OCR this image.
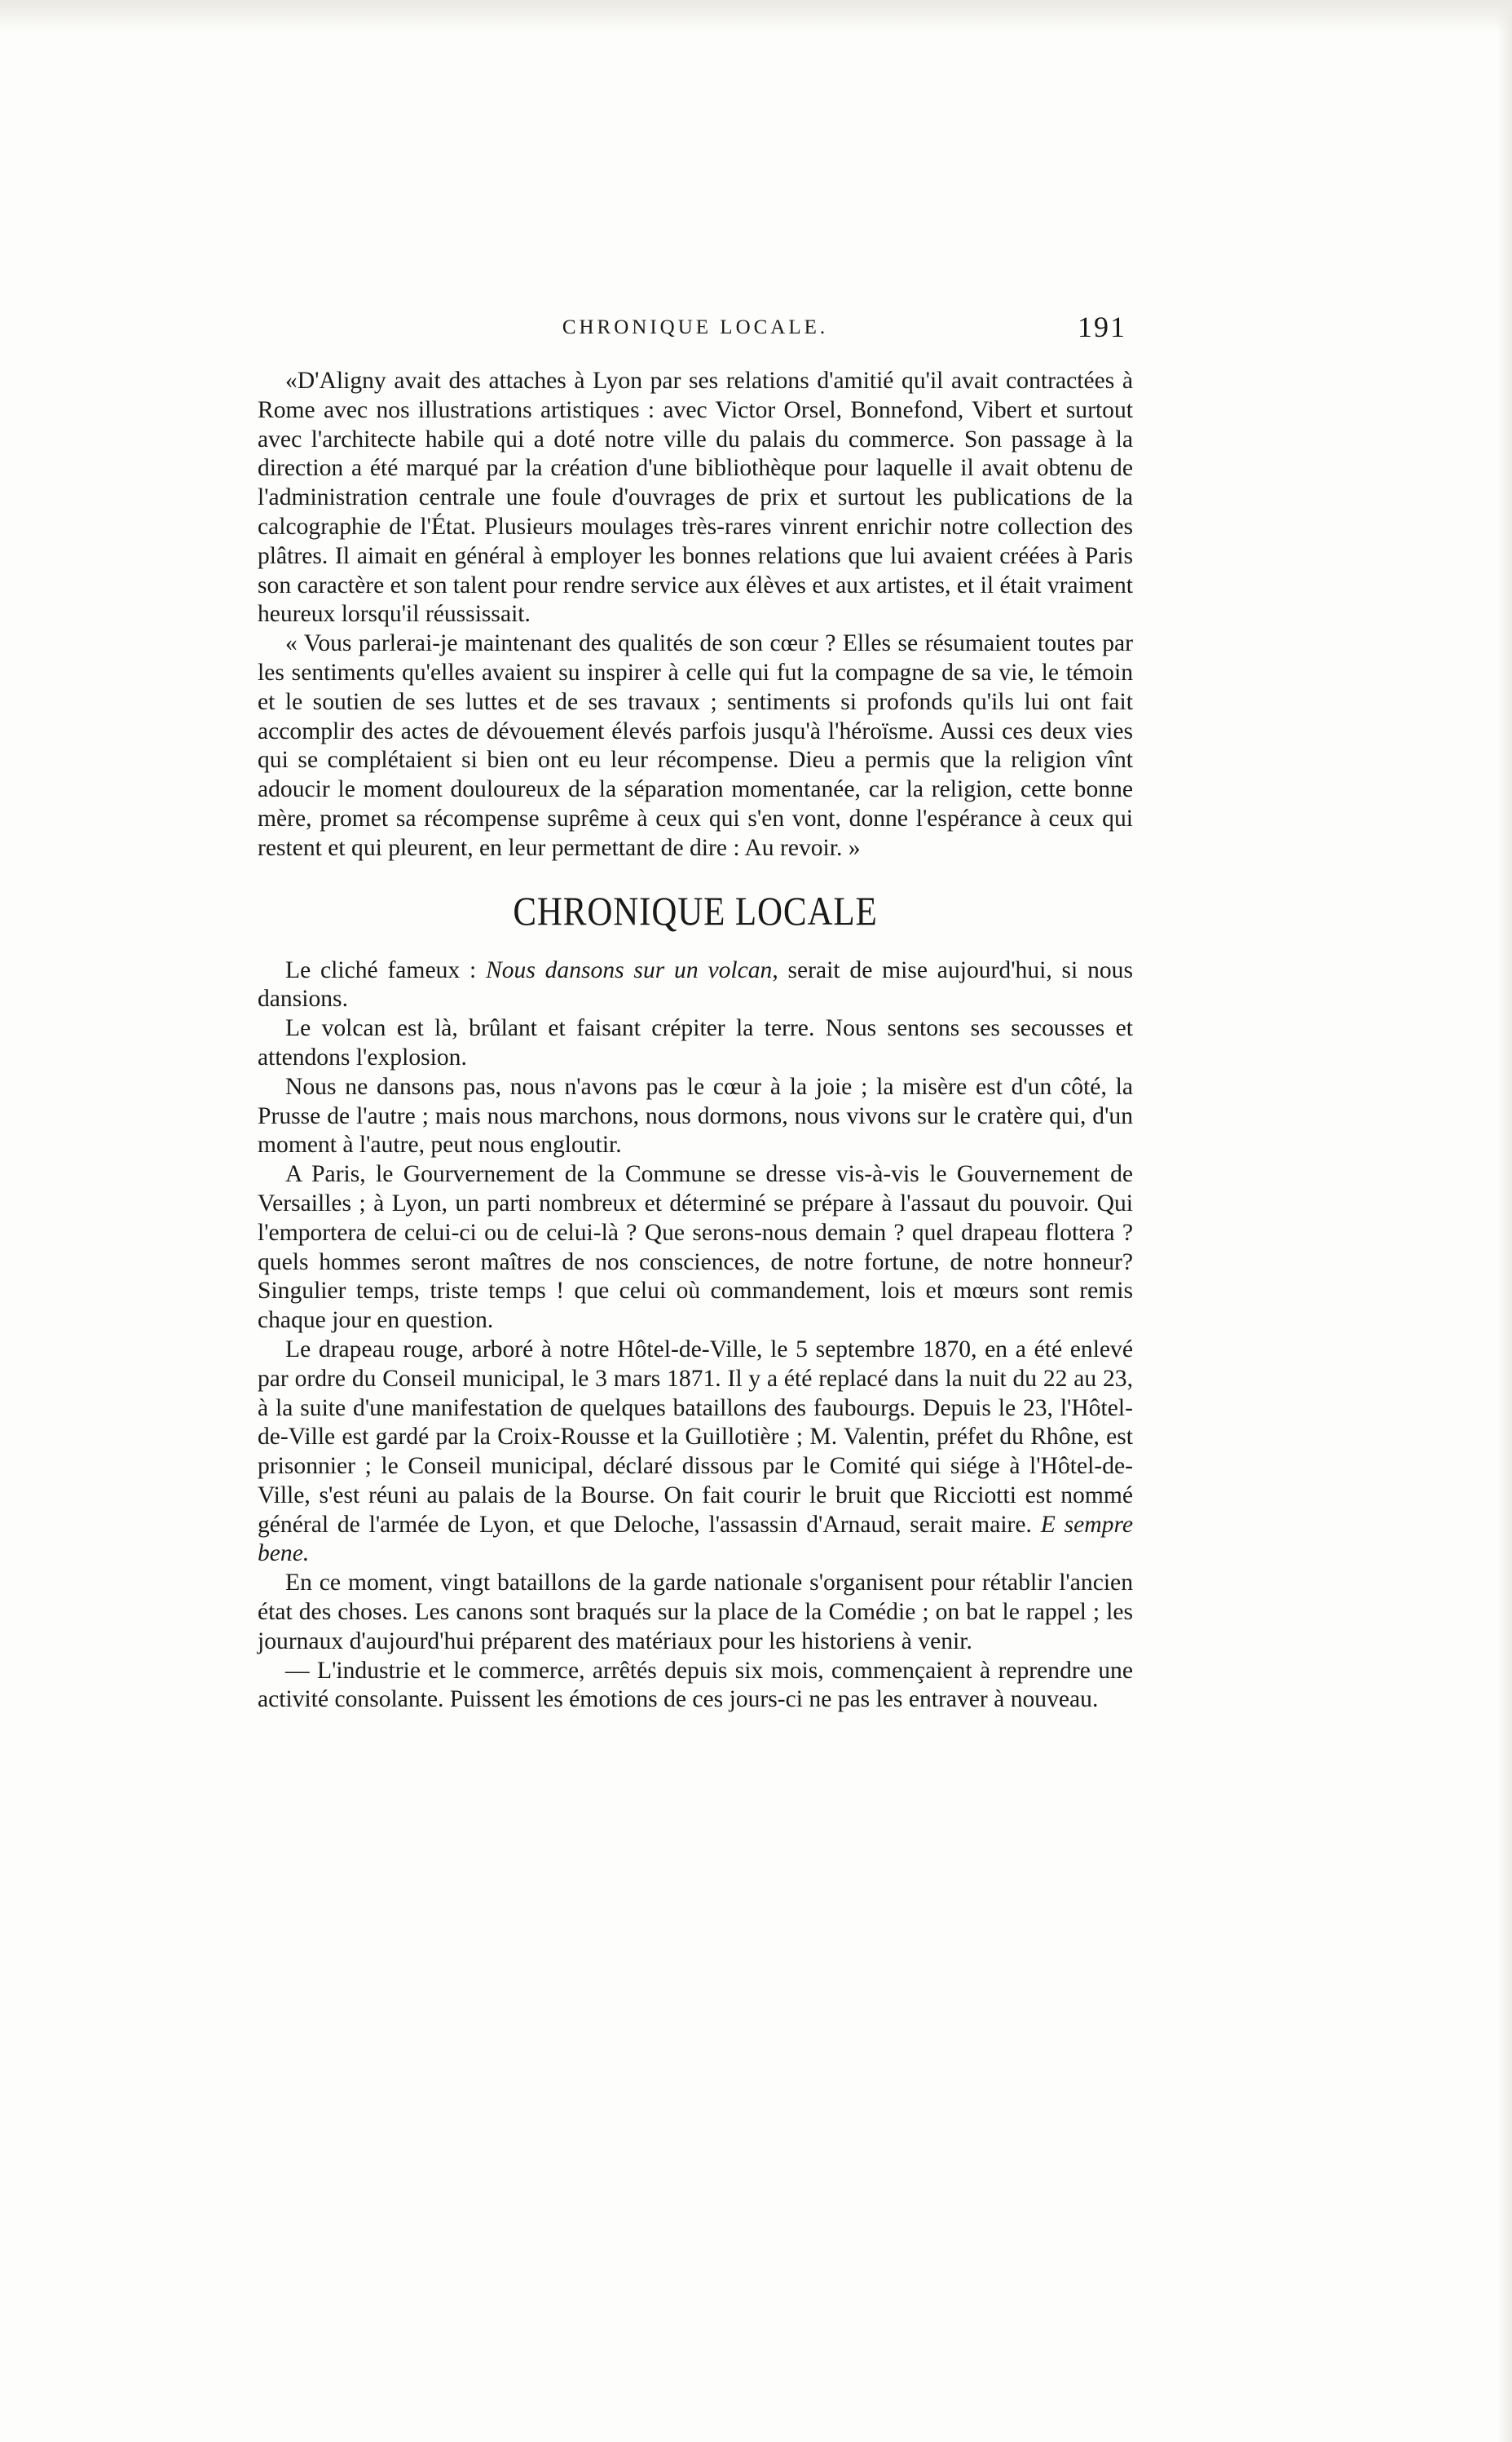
CHRONIQUE LOCALE.	191

«D'Aligny avait des attaches à Lyon par ses relations d'amitié qu'il avait contractées à Rome avec nos illustrations artistiques : avec Victor Orsel, Bonnefond, Vibert et surtout avec l'architecte habile qui a doté notre ville du palais du commerce. Son passage à la direction a été marqué par la création d'une bibliothèque pour laquelle il avait obtenu de l'administration centrale une foule d'ouvrages de prix et surtout les publications de la calcographie de l'État. Plusieurs moulages très-rares vinrent enrichir notre collection des plâtres. Il aimait en général à employer les bonnes relations que lui avaient créées à Paris son caractère et son talent pour rendre service aux élèves et aux artistes, et il était vraiment heureux lorsqu'il réussissait.

« Vous parlerai-je maintenant des qualités de son cœur ? Elles se résumaient toutes par les sentiments qu'elles avaient su inspirer à celle qui fut la compagne de sa vie, le témoin et le soutien de ses luttes et de ses travaux ; sentiments si profonds qu'ils lui ont fait accomplir des actes de dévouement élevés parfois jusqu'à l'héroïsme. Aussi ces deux vies qui se complétaient si bien ont eu leur récompense. Dieu a permis que la religion vînt adoucir le moment douloureux de la séparation momentanée, car la religion, cette bonne mère, promet sa récompense suprême à ceux qui s'en vont, donne l'espérance à ceux qui restent et qui pleurent, en leur permettant de dire : Au revoir. »

CHRONIQUE LOCALE

Le cliché fameux : Nous dansons sur un volcan, serait de mise aujourd'hui, si nous dansions.

Le volcan est là, brûlant et faisant crépiter la terre. Nous sentons ses secousses et attendons l'explosion.

Nous ne dansons pas, nous n'avons pas le cœur à la joie ; la misère est d'un côté, la Prusse de l'autre ; mais nous marchons, nous dormons, nous vivons sur le cratère qui, d'un moment à l'autre, peut nous engloutir.

A Paris, le Gourvernement de la Commune se dresse vis-à-vis le Gouvernement de Versailles ; à Lyon, un parti nombreux et déterminé se prépare à l'assaut du pouvoir. Qui l'emportera de celui-ci ou de celui-là ? Que serons-nous demain ? quel drapeau flottera ? quels hommes seront maîtres de nos consciences, de notre fortune, de notre honneur? Singulier temps, triste temps ! que celui où commandement, lois et mœurs sont remis chaque jour en question.

Le drapeau rouge, arboré à notre Hôtel-de-Ville, le 5 septembre 1870, en a été enlevé par ordre du Conseil municipal, le 3 mars 1871. Il y a été replacé dans la nuit du 22 au 23, à la suite d'une manifestation de quelques bataillons des faubourgs. Depuis le 23, l'Hôtel-de-Ville est gardé par la Croix-Rousse et la Guillotière ; M. Valentin, préfet du Rhône, est prisonnier ; le Conseil municipal, déclaré dissous par le Comité qui siége à l'Hôtel-de-Ville, s'est réuni au palais de la Bourse. On fait courir le bruit que Ricciotti est nommé général de l'armée de Lyon, et que Deloche, l'assassin d'Arnaud, serait maire. E sempre bene.

En ce moment, vingt bataillons de la garde nationale s'organisent pour rétablir l'ancien état des choses. Les canons sont braqués sur la place de la Comédie ; on bat le rappel ; les journaux d'aujourd'hui préparent des matériaux pour les historiens à venir.

— L'industrie et le commerce, arrêtés depuis six mois, commençaient à reprendre une activité consolante. Puissent les émotions de ces jours-ci ne pas les entraver à nouveau.
